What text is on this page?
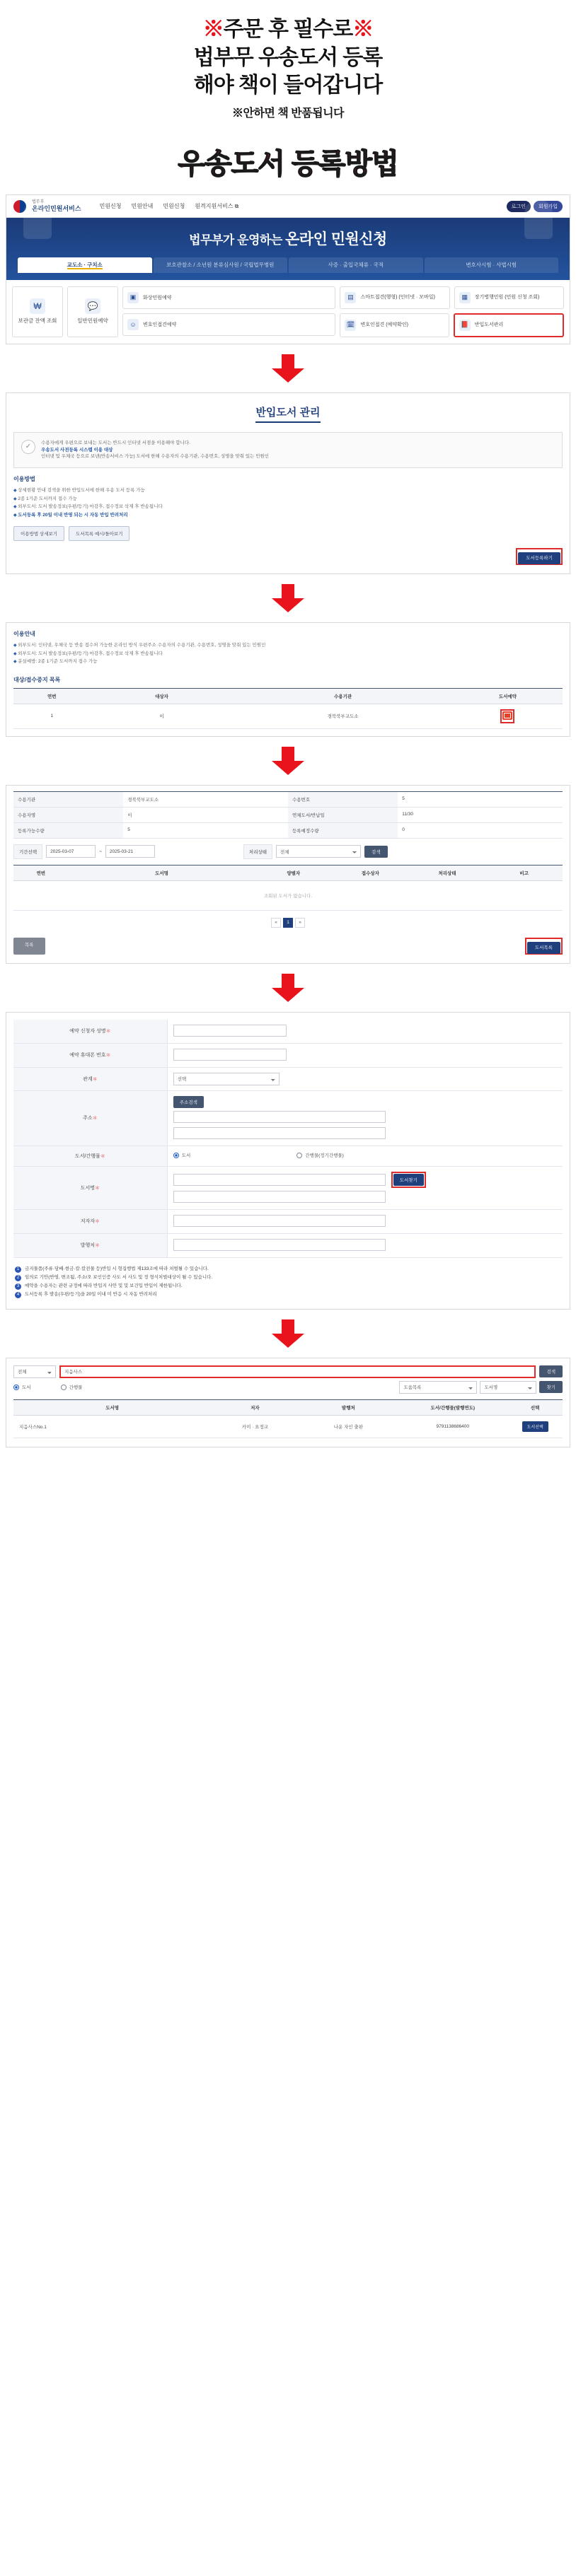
※주문 후 필수로※
법부무 우송도서 등록
해야 책이 들어갑니다
※안하면 책 반품됩니다
우송도서 등록방법
법무부
온라인민원서비스	민원신청 민원안내 민원신청 원격지원서비스 ⧉	로그인	회원가입
법무부가 운영하는 온라인 민원신청
교도소 · 구치소	보호관찰소 / 소년원 분류심사원 / 국립법무병원	사증 · 출입국체류 · 국적	변호사시험 · 사법시험
₩
보관금 잔액 조회
💬
일반민원예약
▣	화상민원예약
☺	변호인접견예약
▤	스마트접견(행형) (인터넷 · 모바일)	▦	장기병행민원 (민원 신청 조회)
🗓	변호인접견 (예약확인)	📕	반입도서관리
반입도서 관리
✓	수용자에게 우편으로 보내는 도서는 반드시 인터넷 서점을 이용해야 합니다.
우송도서 사전등록 시스템 이용 대상
인터넷 및 우체국 등으로 보낸(반송서비스 가능) 도서에 한해 수용자의 수용기관, 수용번호, 성명을 맞춰 있는 민원인
이용방법
◆ 상세현황 안내 검색을 위한 반입도서에 한해 우송 도서 등록 가능
◆ 2종 1기준 도서까지 접수 가능
◆ 외부도서: 도서 발송정보(우편/등기) 마감후, 접수정보 삭제 후 반송됩니다
◆ 도서등록 후 20일 이내 반영 되는 시 자동 반입 반려처리
이용방법 상세보기	도서목록 예시/돌아보기
도서등록하기
이용안내
◆ 외부도서: 인터넷, 우체국 등 반송 접수처 가능한 온라인 방식 우편주소 수용자의 수용기관, 수용번호, 성명을 맞춰 있는 민원인
◆ 외부도서: 도서 발송정보(우편/등기) 마감후, 접수정보 삭제 후 반송됩니다
◆ 분실예방: 2종 1기준 도서까지 접수 가능
대상/접수중지 목록
연번	대상자	수용기관	도서예약
1	이	경북북부교도소	
수용기관	경북북부교도소	수용번호	5
수용자명	이	연체도서/반납일	11/30
등록가능수량	5	등록예정수량	0
기간선택	2025-03-07	~	2025-03-21	처리상태	전체	검색
연번	도서명	양별자	접수상자	처리상태	비고
조회된 도서가 없습니다.
«	1	»
목록
도서목록
예약 신청자 성명＊	
예약 휴대폰 번호＊	
관계＊	선택
주소＊	주소검색

도서/간행물＊	도서
간행물(정기간행물)

도서명＊	도서찾기

저자자＊	
발행처＊	
1	금지물품(주류·담배·현금·칼·칼전물 등)반입 시 형집행법 제133조에 따라 처벌될 수 있습니다.
2	임의로 기안(반영, 변조됨, 주소/오 보인인증 사도 서 사도 및 정 형식처벌대상이 될 수 있습니다.
3	예약을 수용자는 관련 규정에 따라 반입지 사안 및 및 보건입 반입이 제한됩니다.
4	도서등록 후 발송(우편/등기)을 20일 이내 미 반응 시 자동 반려처리
전체	지음사스	검색
도서	간행물	도움목록	도서명	찾기
도서명	저자	발행처	도서/간행물(발행연도)	선택
지음사스No.1	카미 · 요정교	나운 자인 출판	9791138686400	도서선택
